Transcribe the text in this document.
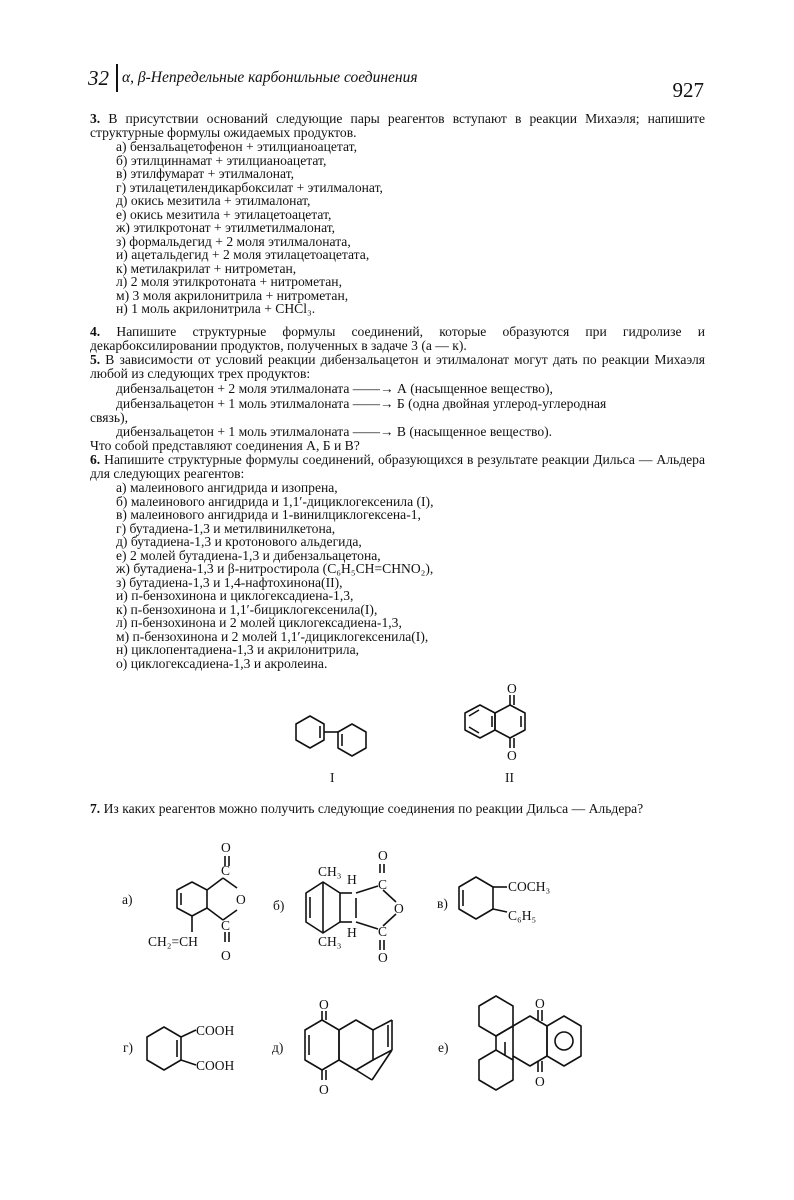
32 α, β-Непредельные карбонильные соединения
927
3. В присутствии оснований следующие пары реагентов вступают в реакции Михаэля; напишите структурные формулы ожидаемых продуктов.
а) бензальацетофенон + этилцианоацетат,
б) этилциннамат + этилцианоацетат,
в) этилфумарат + этилмалонат,
г) этилацетилендикарбоксилат + этилмалонат,
д) окись мезитила + этилмалонат,
е) окись мезитила + этилацетоацетат,
ж) этилкротонат + этилметилмалонат,
з) формальдегид + 2 моля этилмалоната,
и) ацетальдегид + 2 моля этилацетоацетата,
к) метилакрилат + нитрометан,
л) 2 моля этилкротоната + нитрометан,
м) 3 моля акрилонитрила + нитрометан,
н) 1 моль акрилонитрила + CHCl₃.
4. Напишите структурные формулы соединений, которые образуются при гидролизе и декарбоксилировании продуктов, полученных в задаче 3 (а — к).
5. В зависимости от условий реакции дибензальацетон и этилмалонат могут дать по реакции Михаэля любой из следующих трех продуктов:
дибензальацетон + 2 моля этилмалоната ——→ А (насыщенное вещество),
дибензальацетон + 1 моль этилмалоната ——→ Б (одна двойная углерод-углеродная
связь),
дибензальацетон + 1 моль этилмалоната ——→ В (насыщенное вещество).
Что собой представляют соединения А, Б и В?
6. Напишите структурные формулы соединений, образующихся в результате реакции Дильса — Альдера для следующих реагентов:
а) малеинового ангидрида и изопрена,
б) малеинового ангидрида и 1,1′-дициклогексенила (I),
в) малеинового ангидрида и 1-винилциклогексена-1,
г) бутадиена-1,3 и метилвинилкетона,
д) бутадиена-1,3 и кротонового альдегида,
е) 2 молей бутадиена-1,3 и дибензальацетона,
ж) бутадиена-1,3 и β-нитростирола (C₆H₅CH=CHNO₂),
з) бутадиена-1,3 и 1,4-нафтохинона(II),
и) п-бензохинона и циклогексадиена-1,3,
к) п-бензохинона и 1,1′-бициклогексенила(I),
л) п-бензохинона и 2 молей циклогексадиена-1,3,
м) п-бензохинона и 2 молей 1,1′-дициклогексенила(I),
н) циклопентадиена-1,3 и акрилонитрила,
о) циклогексадиена-1,3 и акролеина.
I
O
O
II
а)
O
C
O
C
O
CH₂=CH
б)
CH₃
CH₃
H
H
O
C
O
C
O
в)
COCH₃
C₆H₅
г)
COOH
COOH
д)
O
O
е)
O
O
7. Из каких реагентов можно получить следующие соединения по реакции Дильса — Альдера?
